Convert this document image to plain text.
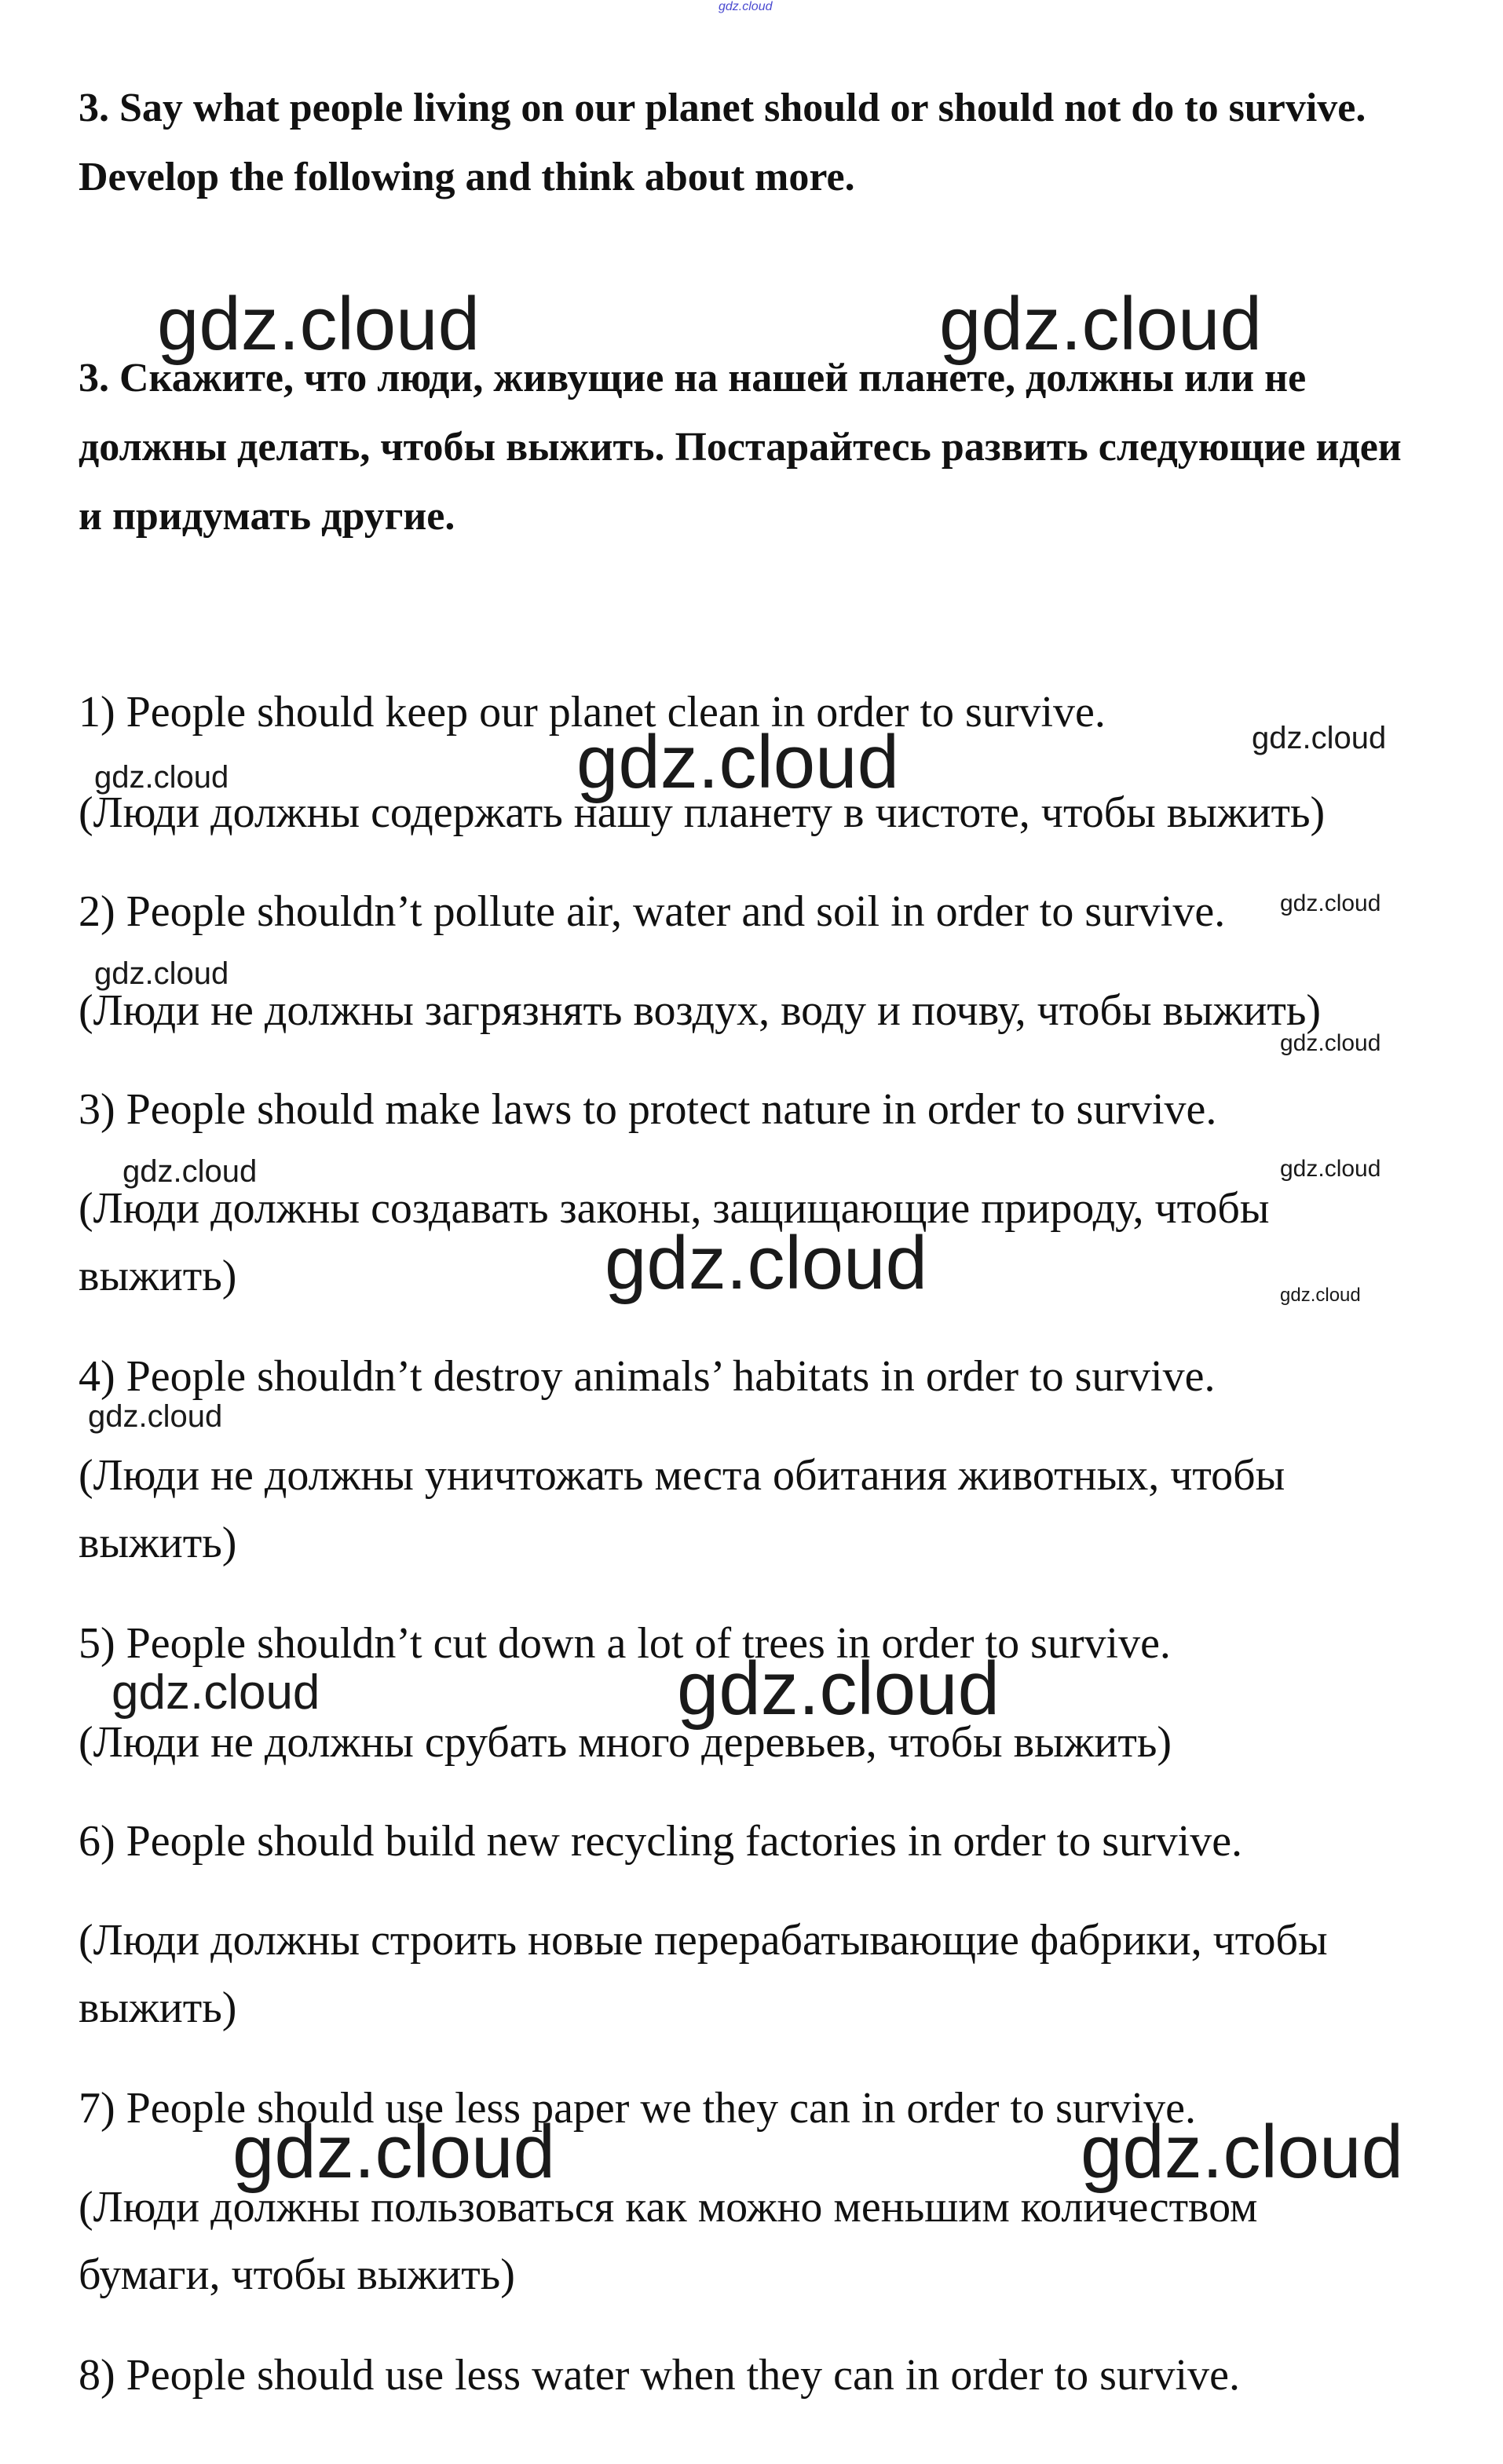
gdz.cloud

3. Say what people living on our planet should or should not do to survive. Develop the following and think about more.

3. Скажите, что люди, живущие на нашей планете, должны или не должны делать, чтобы выжить. Постарайтесь развить следующие идеи и придумать другие.

1) People should keep our planet clean in order to survive.

(Люди должны содержать нашу планету в чистоте, чтобы выжить)

2) People shouldn’t pollute air, water and soil in order to survive.

(Люди не должны загрязнять воздух, воду и почву, чтобы выжить)

3) People should make laws to protect nature in order to survive.

(Люди должны создавать законы, защищающие природу, чтобы

выжить)

4) People shouldn’t destroy animals’ habitats in order to survive.

(Люди не должны уничтожать места обитания животных, чтобы

выжить)

5) People shouldn’t cut down a lot of trees in order to survive.

(Люди не должны срубать много деревьев, чтобы выжить)

6) People should build new recycling factories in order to survive.

(Люди должны строить новые перерабатывающие фабрики, чтобы

выжить)

7) People should use less paper we they can in order to survive.

(Люди должны пользоваться как можно меньшим количеством

бумаги, чтобы выжить)

8) People should use less water when they can in order to survive.

gdz.cloud	gdz.cloud
gdz.cloud	gdz.cloud
gdz.cloud
gdz.cloud
gdz.cloud
gdz.cloud
gdz.cloud	gdz.cloud
gdz.cloud	gdz.cloud
gdz.cloud
gdz.cloud
gdz.cloud
gdz.cloud	gdz.cloud
